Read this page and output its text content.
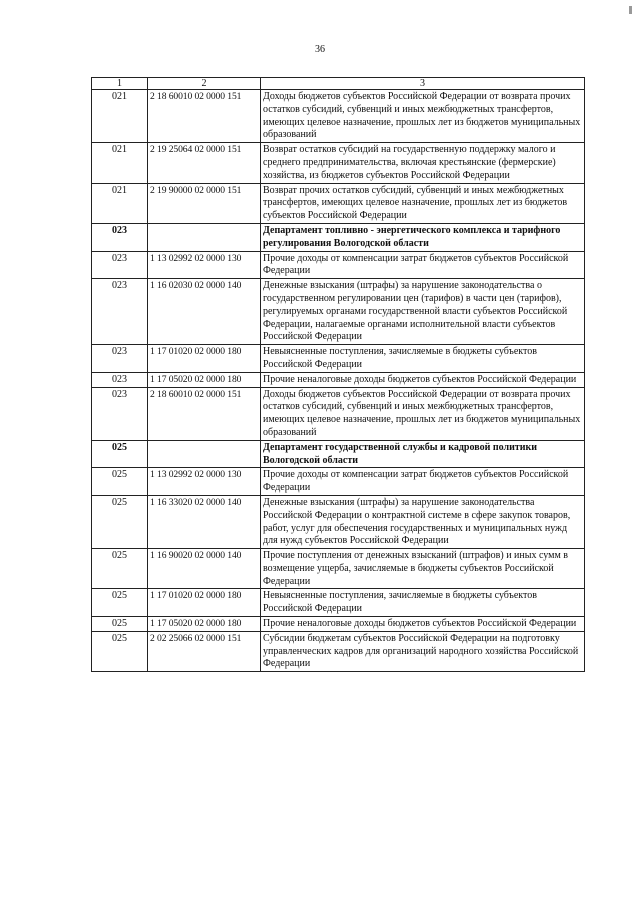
36
1	2	3
021	2 18 60010 02 0000 151	Доходы бюджетов субъектов Российской Федерации от возврата прочих остатков субсидий, субвенций и иных межбюджетных трансфертов, имеющих целевое назначение, прошлых лет из бюджетов муниципальных образований
021	2 19 25064 02 0000 151	Возврат остатков субсидий на государственную поддержку малого и среднего предпринимательства, включая крестьянские (фермерские) хозяйства, из бюджетов субъектов Российской Федерации
021	2 19 90000 02 0000 151	Возврат прочих остатков субсидий, субвенций и иных межбюджетных трансфертов, имеющих целевое назначение, прошлых лет из бюджетов субъектов Российской Федерации
023		Департамент топливно - энергетического комплекса и тарифного регулирования Вологодской области
023	1 13 02992 02 0000 130	Прочие доходы от компенсации затрат бюджетов субъектов Российской Федерации
023	1 16 02030 02 0000 140	Денежные взыскания (штрафы) за нарушение законодательства о государственном регулировании цен (тарифов) в части цен (тарифов), регулируемых органами государственной власти субъектов Российской Федерации, налагаемые органами исполнительной власти субъектов Российской Федерации
023	1 17 01020 02 0000 180	Невыясненные поступления, зачисляемые в бюджеты субъектов Российской Федерации
023	1 17 05020 02 0000 180	Прочие неналоговые доходы бюджетов субъектов Российской Федерации
023	2 18 60010 02 0000 151	Доходы бюджетов субъектов Российской Федерации от возврата прочих остатков субсидий, субвенций и иных межбюджетных трансфертов, имеющих целевое назначение, прошлых лет из бюджетов муниципальных образований
025		Департамент государственной службы и кадровой политики Вологодской области
025	1 13 02992 02 0000 130	Прочие доходы от компенсации затрат бюджетов субъектов Российской Федерации
025	1 16 33020 02 0000 140	Денежные взыскания (штрафы) за нарушение законодательства Российской Федерации о контрактной системе в сфере закупок товаров, работ, услуг для обеспечения государственных и муниципальных нужд для нужд субъектов Российской Федерации
025	1 16 90020 02 0000 140	Прочие поступления от денежных взысканий (штрафов) и иных сумм в возмещение ущерба, зачисляемые в бюджеты субъектов Российской Федерации
025	1 17 01020 02 0000 180	Невыясненные поступления, зачисляемые в бюджеты субъектов Российской Федерации
025	1 17 05020 02 0000 180	Прочие неналоговые доходы бюджетов субъектов Российской Федерации
025	2 02 25066 02 0000 151	Субсидии бюджетам субъектов Российской Федерации на подготовку управленческих кадров для организаций народного хозяйства Российской Федерации
